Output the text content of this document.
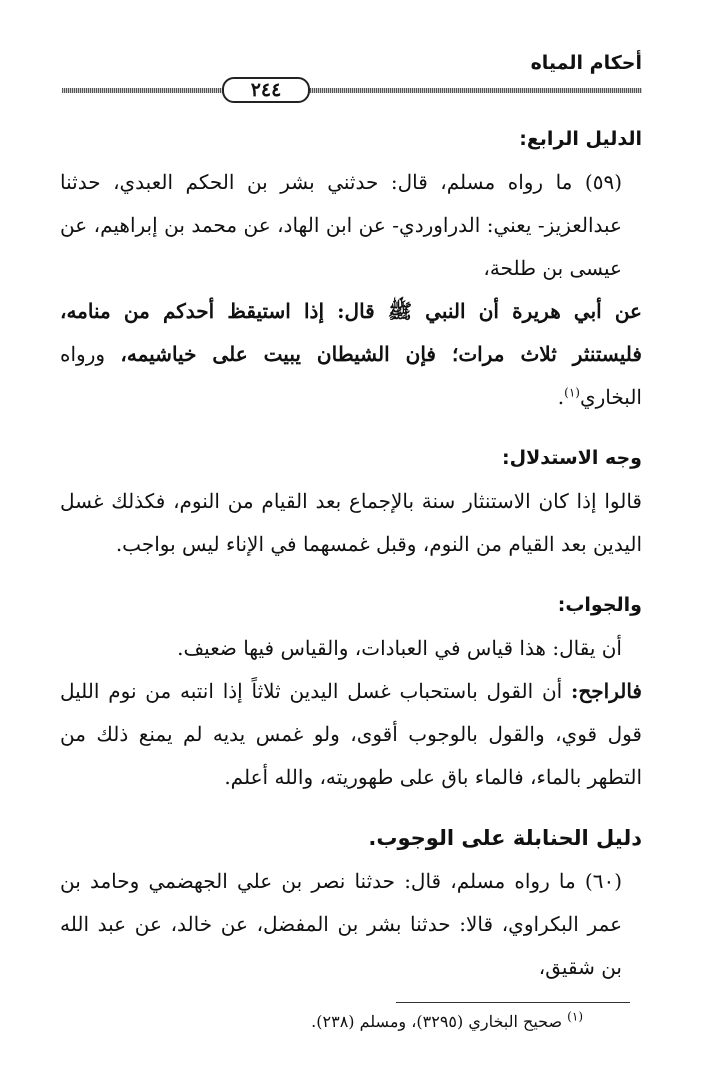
أحكام المياه
٢٤٤

الدليل الرابع:

(٥٩) ما رواه مسلم، قال: حدثني بشر بن الحكم العبدي، حدثنا عبدالعزيز- يعني: الدراوردي- عن ابن الهاد، عن محمد بن إبراهيم، عن عيسى بن طلحة،

عن أبي هريرة أن النبي ﷺ قال: إذا استيقظ أحدكم من منامه، فليستنثر ثلاث مرات؛ فإن الشيطان يبيت على خياشيمه، ورواه البخاري$^{(١)}$.

وجه الاستدلال:

قالوا إذا كان الاستنثار سنة بالإجماع بعد القيام من النوم، فكذلك غسل اليدين بعد القيام من النوم، وقبل غمسهما في الإناء ليس بواجب.

والجواب:

أن يقال: هذا قياس في العبادات، والقياس فيها ضعيف.

فالراجح: أن القول باستحباب غسل اليدين ثلاثاً إذا انتبه من نوم الليل قول قوي، والقول بالوجوب أقوى، ولو غمس يديه لم يمنع ذلك من التطهر بالماء، فالماء باق على طهوريته، والله أعلم.

دليل الحنابلة على الوجوب.

(٦٠) ما رواه مسلم، قال: حدثنا نصر بن علي الجهضمي وحامد بن عمر البكراوي، قالا: حدثنا بشر بن المفضل، عن خالد، عن عبد الله بن شقيق،

$^{(١)}$ صحيح البخاري (٣٢٩٥)، ومسلم (٢٣٨).
